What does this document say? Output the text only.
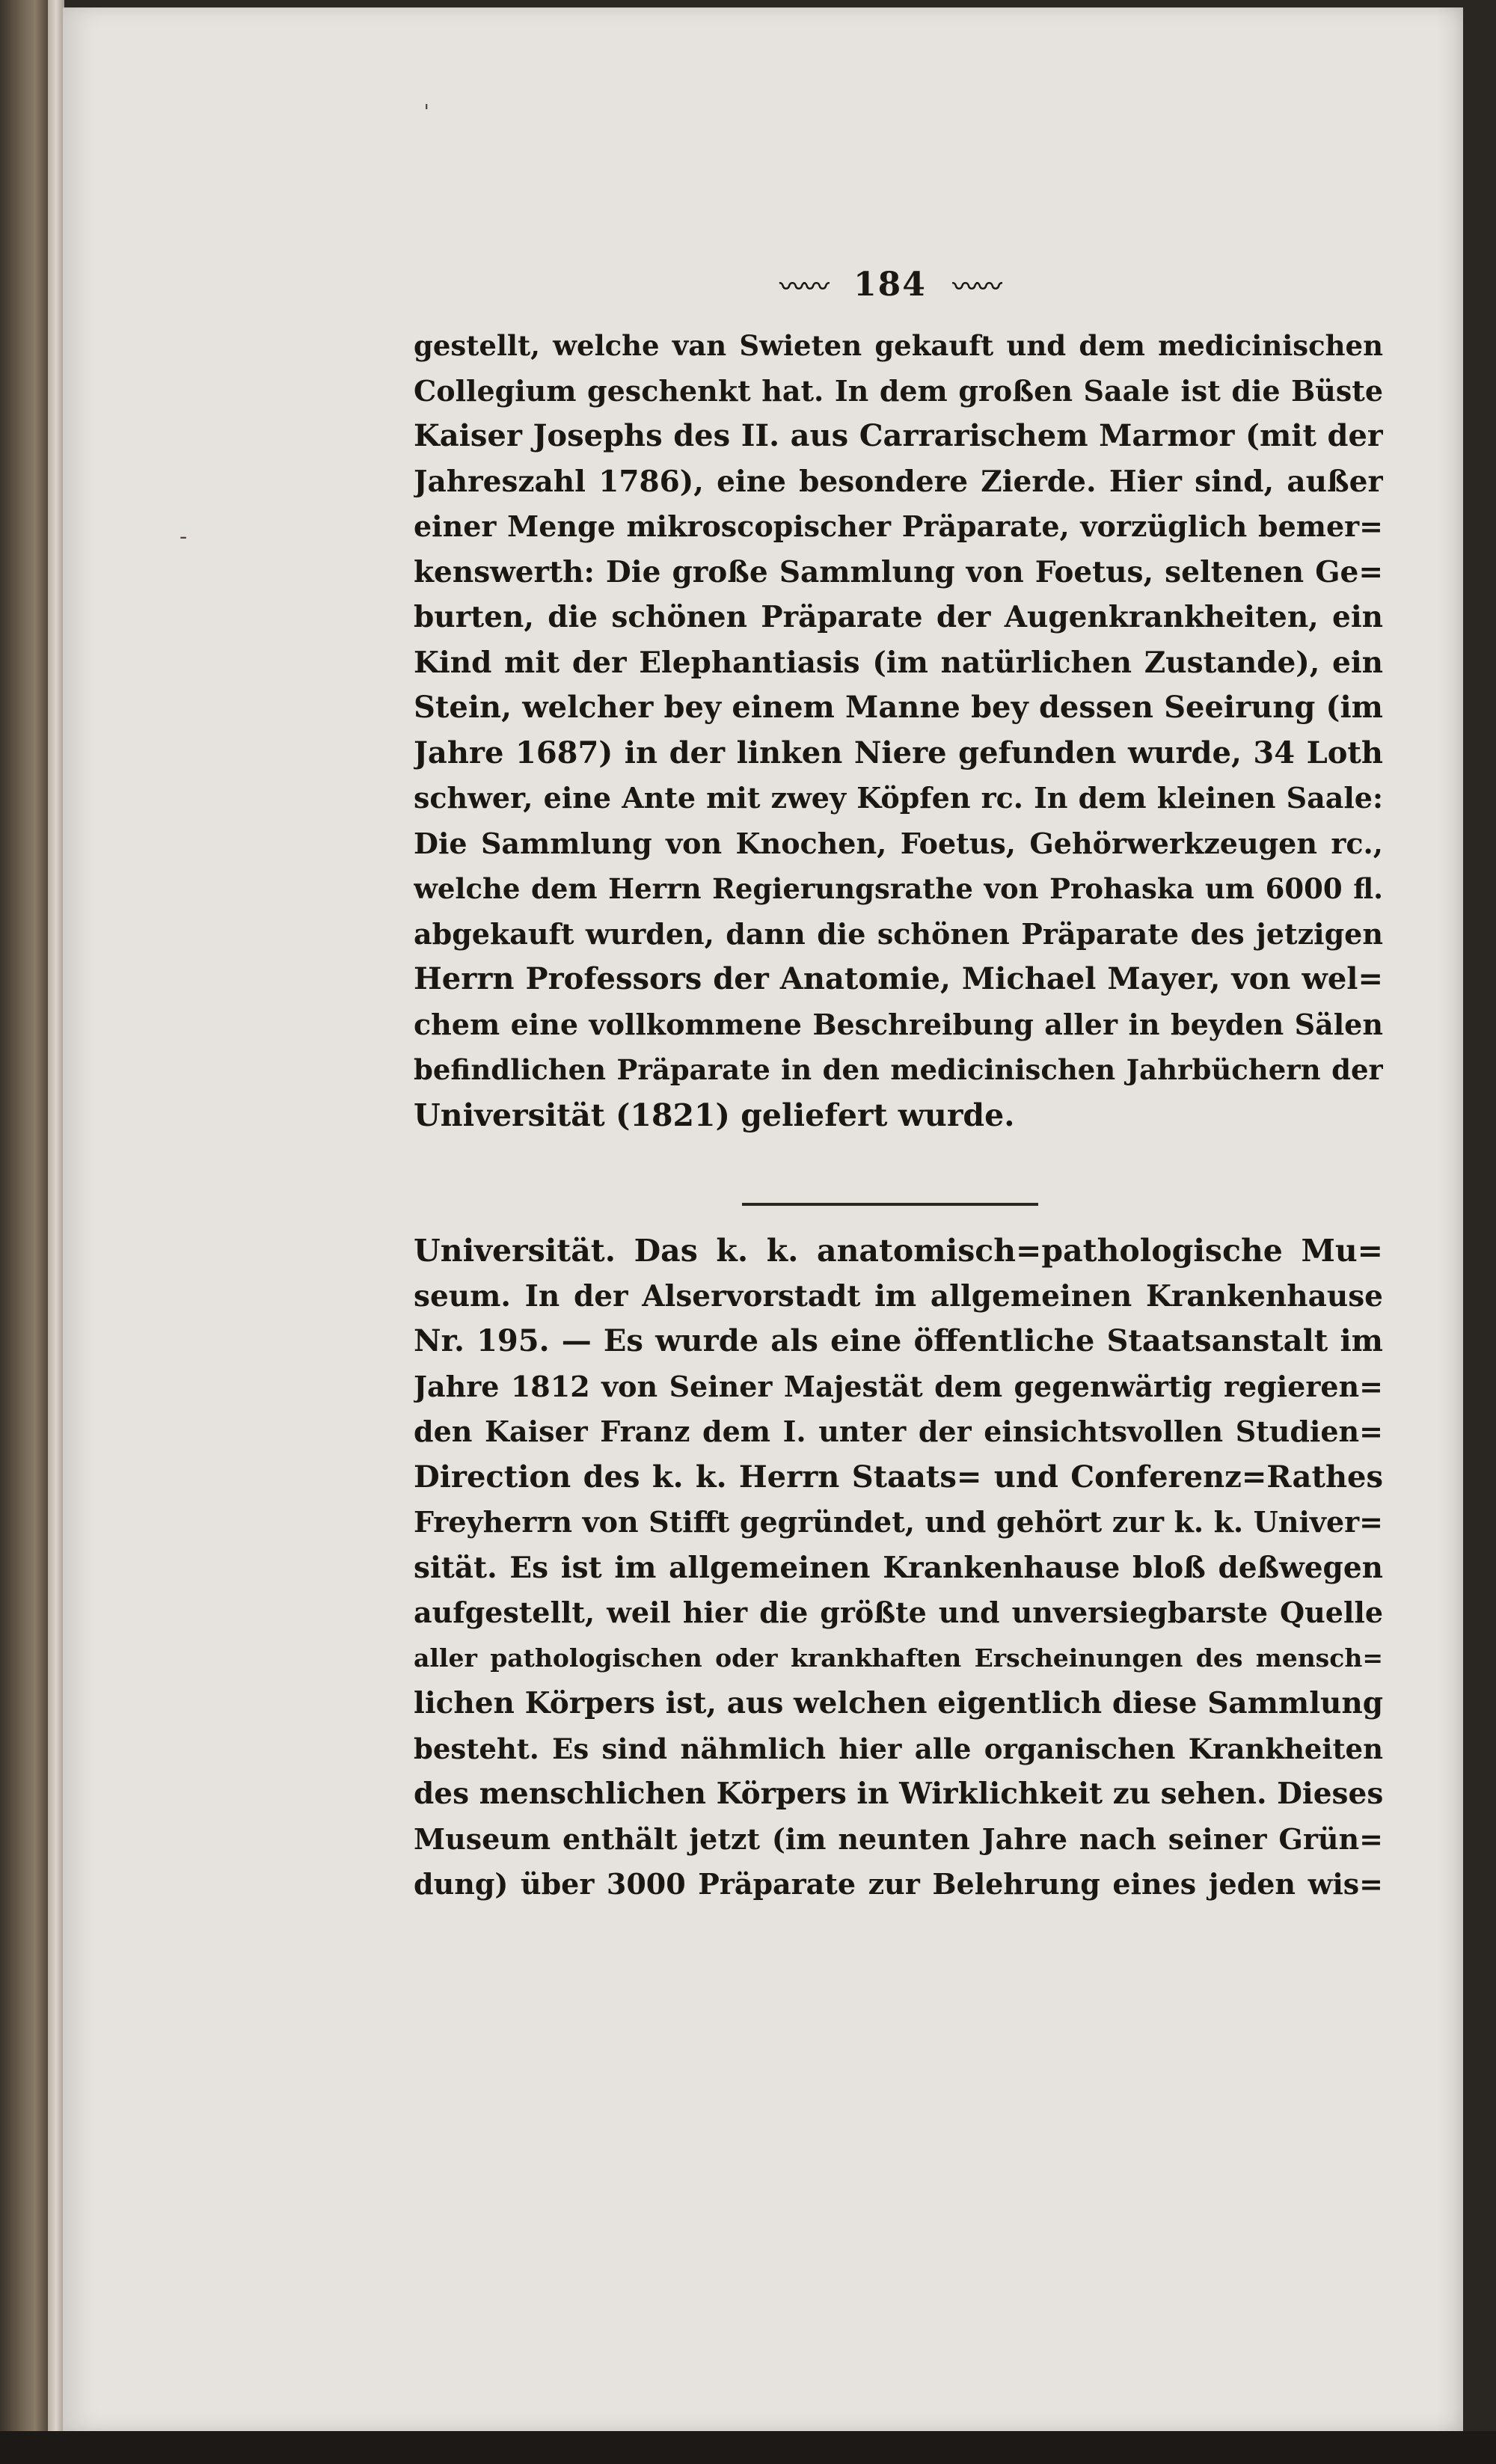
ˈ
-
〰〰 184 〰〰
gestellt, welche van Swieten gekauft und dem medicinischen
Collegium geschenkt hat. In dem großen Saale ist die Büste
Kaiser Josephs des II. aus Carrarischem Marmor (mit der
Jahreszahl 1786), eine besondere Zierde. Hier sind, außer
einer Menge mikroscopischer Präparate, vorzüglich bemer=
kenswerth: Die große Sammlung von Foetus, seltenen Ge=
burten, die schönen Präparate der Augenkrankheiten, ein
Kind mit der Elephantiasis (im natürlichen Zustande), ein
Stein, welcher bey einem Manne bey dessen Seeirung (im
Jahre 1687) in der linken Niere gefunden wurde, 34 Loth
schwer, eine Ante mit zwey Köpfen rc. In dem kleinen Saale:
Die Sammlung von Knochen, Foetus, Gehörwerkzeugen rc.,
welche dem Herrn Regierungsrathe von Prohaska um 6000 fl.
abgekauft wurden, dann die schönen Präparate des jetzigen
Herrn Professors der Anatomie, Michael Mayer, von wel=
chem eine vollkommene Beschreibung aller in beyden Sälen
befindlichen Präparate in den medicinischen Jahrbüchern der
Universität (1821) geliefert wurde.
Universität. Das k. k. anatomisch=pathologische Mu=
seum. In der Alservorstadt im allgemeinen Krankenhause
Nr. 195. — Es wurde als eine öffentliche Staatsanstalt im
Jahre 1812 von Seiner Majestät dem gegenwärtig regieren=
den Kaiser Franz dem I. unter der einsichtsvollen Studien=
Direction des k. k. Herrn Staats= und Conferenz=Rathes
Freyherrn von Stifft gegründet, und gehört zur k. k. Univer=
sität. Es ist im allgemeinen Krankenhause bloß deßwegen
aufgestellt, weil hier die größte und unversiegbarste Quelle
aller pathologischen oder krankhaften Erscheinungen des mensch=
lichen Körpers ist, aus welchen eigentlich diese Sammlung
besteht. Es sind nähmlich hier alle organischen Krankheiten
des menschlichen Körpers in Wirklichkeit zu sehen. Dieses
Museum enthält jetzt (im neunten Jahre nach seiner Grün=
dung) über 3000 Präparate zur Belehrung eines jeden wis=
